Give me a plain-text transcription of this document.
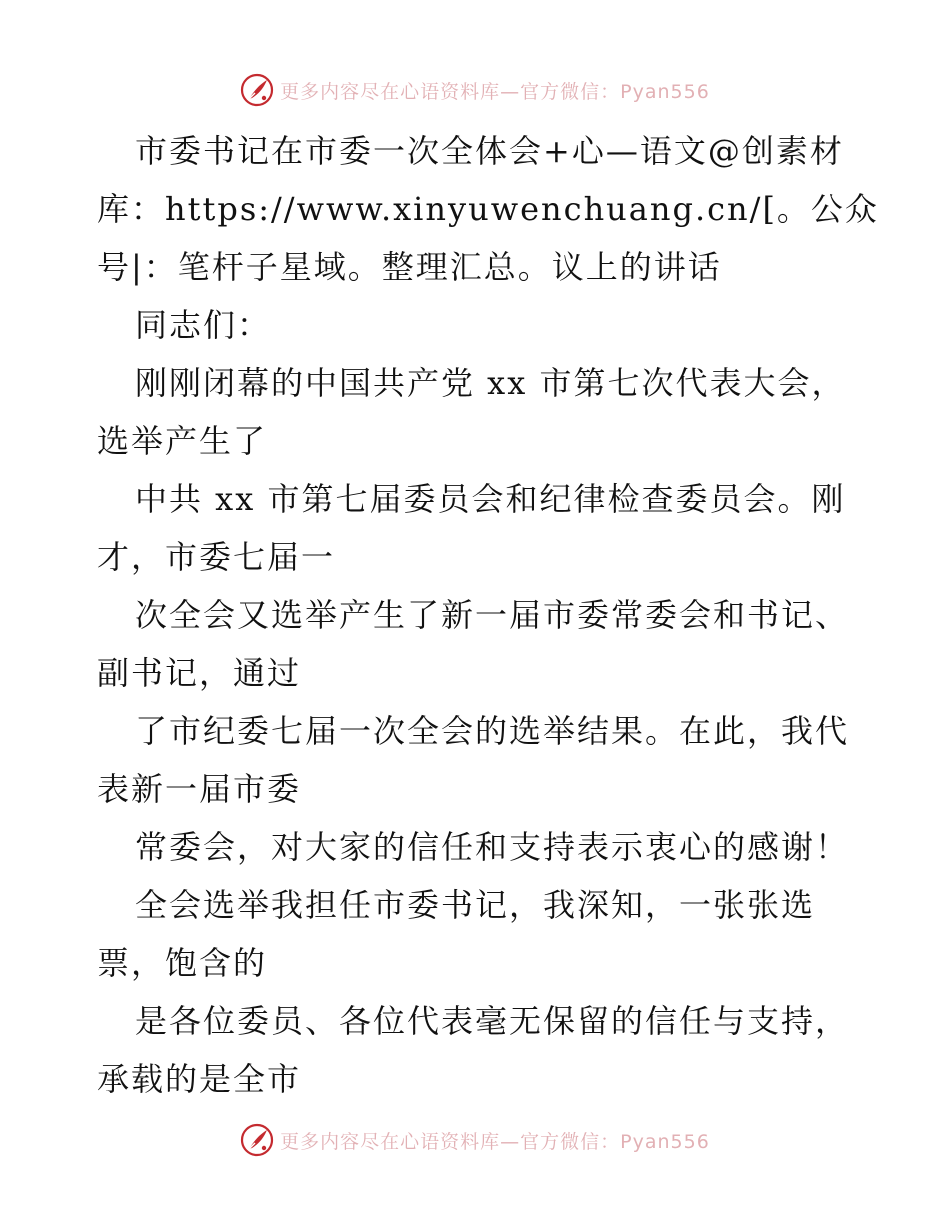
更多内容尽在心语资料库—官方微信：Pyan556
市委书记在市委一次全体会+心—语文@创素材
库：https://www.xinyuwenchuang.cn/[。公众
号|：笔杆子星域。整理汇总。议上的讲话
同志们：
刚刚闭幕的中国共产党 xx 市第七次代表大会，
选举产生了
中共 xx 市第七届委员会和纪律检查委员会。刚
才，市委七届一
次全会又选举产生了新一届市委常委会和书记、
副书记，通过
了市纪委七届一次全会的选举结果。在此，我代
表新一届市委
常委会，对大家的信任和支持表示衷心的感谢！
全会选举我担任市委书记，我深知，一张张选
票，饱含的
是各位委员、各位代表毫无保留的信任与支持，
承载的是全市
更多内容尽在心语资料库—官方微信：Pyan556
